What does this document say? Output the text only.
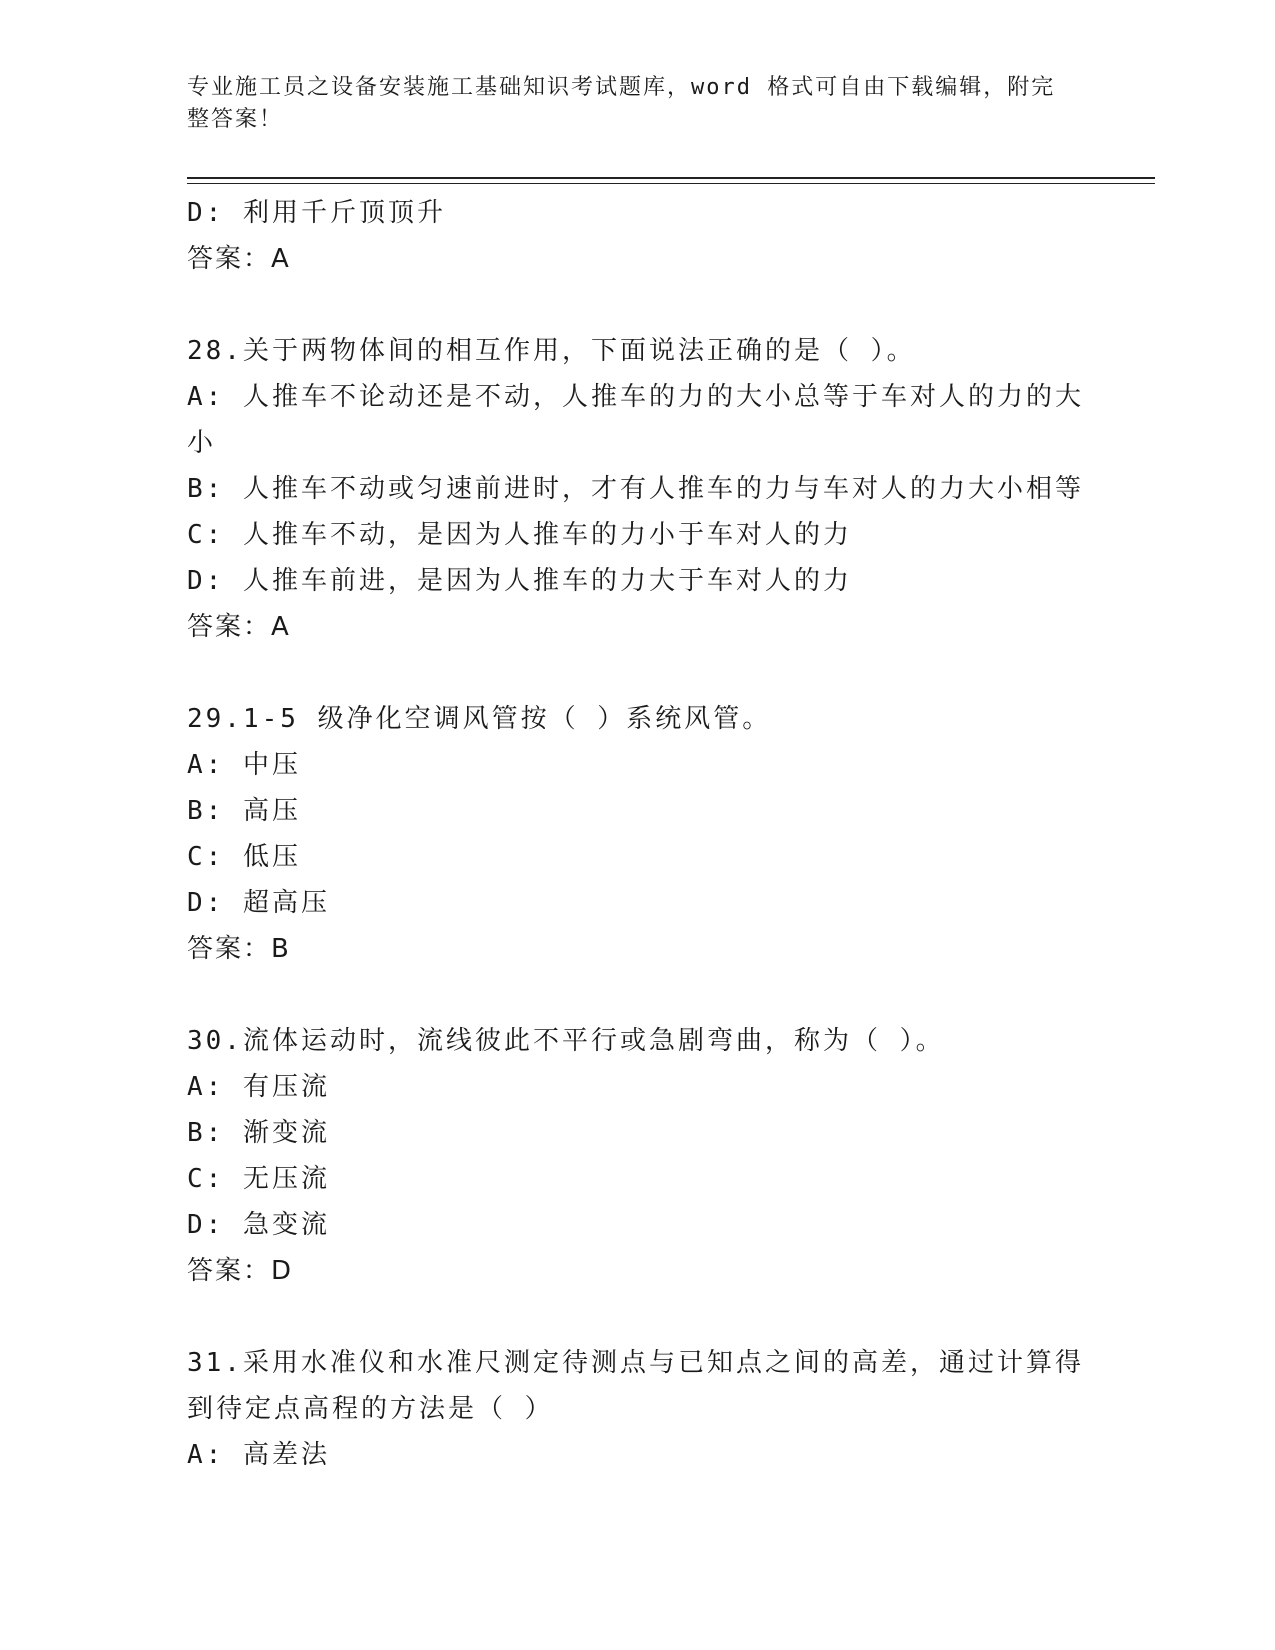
专业施工员之设备安装施工基础知识考试题库，word 格式可自由下载编辑，附完
整答案！
D: 利用千斤顶顶升
答案：A
28.关于两物体间的相互作用，下面说法正确的是（ ）。
A: 人推车不论动还是不动，人推车的力的大小总等于车对人的力的大
小
B: 人推车不动或匀速前进时，才有人推车的力与车对人的力大小相等
C: 人推车不动，是因为人推车的力小于车对人的力
D: 人推车前进，是因为人推车的力大于车对人的力
答案：A
29.1-5 级净化空调风管按（ ）系统风管。
A: 中压
B: 高压
C: 低压
D: 超高压
答案：B
30.流体运动时，流线彼此不平行或急剧弯曲，称为（ ）。
A: 有压流
B: 渐变流
C: 无压流
D: 急变流
答案：D
31.采用水准仪和水准尺测定待测点与已知点之间的高差，通过计算得
到待定点高程的方法是（ ）
A: 高差法
